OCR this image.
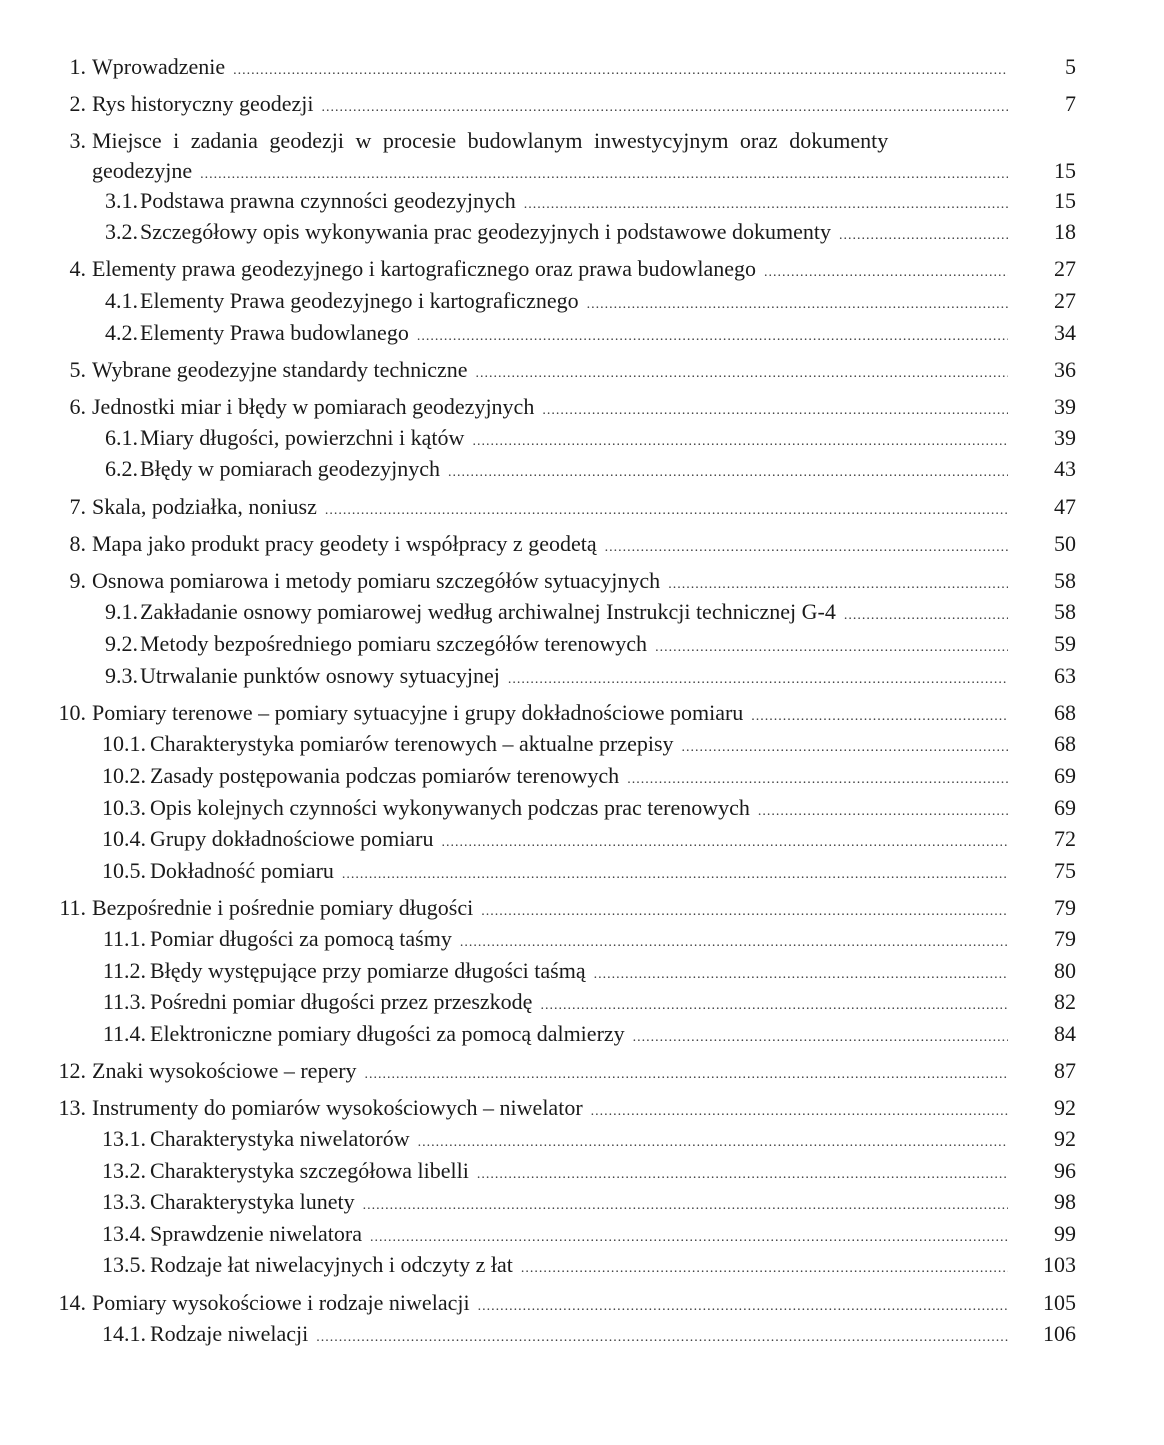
1. Wprowadzenie .....	5
2. Rys historyczny geodezji .....	7
3. Miejsce i zadania geodezji w procesie budowlanym inwestycyjnym oraz dokumenty
geodezyjne .....	15
3.1. Podstawa prawna czynności geodezyjnych .....	15
3.2. Szczegółowy opis wykonywania prac geodezyjnych i podstawowe dokumenty .....	18
4. Elementy prawa geodezyjnego i kartograficznego oraz prawa budowlanego .....	27
4.1. Elementy Prawa geodezyjnego i kartograficznego .....	27
4.2. Elementy Prawa budowlanego .....	34
5. Wybrane geodezyjne standardy techniczne .....	36
6. Jednostki miar i błędy w pomiarach geodezyjnych .....	39
6.1. Miary długości, powierzchni i kątów .....	39
6.2. Błędy w pomiarach geodezyjnych .....	43
7. Skala, podziałka, noniusz .....	47
8. Mapa jako produkt pracy geodety i współpracy z geodetą .....	50
9. Osnowa pomiarowa i metody pomiaru szczegółów sytuacyjnych .....	58
9.1. Zakładanie osnowy pomiarowej według archiwalnej Instrukcji technicznej G-4 .....	58
9.2. Metody bezpośredniego pomiaru szczegółów terenowych .....	59
9.3. Utrwalanie punktów osnowy sytuacyjnej .....	63
10. Pomiary terenowe – pomiary sytuacyjne i grupy dokładnościowe pomiaru .....	68
10.1. Charakterystyka pomiarów terenowych – aktualne przepisy .....	68
10.2. Zasady postępowania podczas pomiarów terenowych .....	69
10.3. Opis kolejnych czynności wykonywanych podczas prac terenowych .....	69
10.4. Grupy dokładnościowe pomiaru .....	72
10.5. Dokładność pomiaru .....	75
11. Bezpośrednie i pośrednie pomiary długości .....	79
11.1. Pomiar długości za pomocą taśmy .....	79
11.2. Błędy występujące przy pomiarze długości taśmą .....	80
11.3. Pośredni pomiar długości przez przeszkodę .....	82
11.4. Elektroniczne pomiary długości za pomocą dalmierzy .....	84
12. Znaki wysokościowe – repery .....	87
13. Instrumenty do pomiarów wysokościowych – niwelator .....	92
13.1. Charakterystyka niwelatorów .....	92
13.2. Charakterystyka szczegółowa libelli .....	96
13.3. Charakterystyka lunety .....	98
13.4. Sprawdzenie niwelatora .....	99
13.5. Rodzaje łat niwelacyjnych i odczyty z łat .....	103
14. Pomiary wysokościowe i rodzaje niwelacji .....	105
14.1. Rodzaje niwelacji .....	106
